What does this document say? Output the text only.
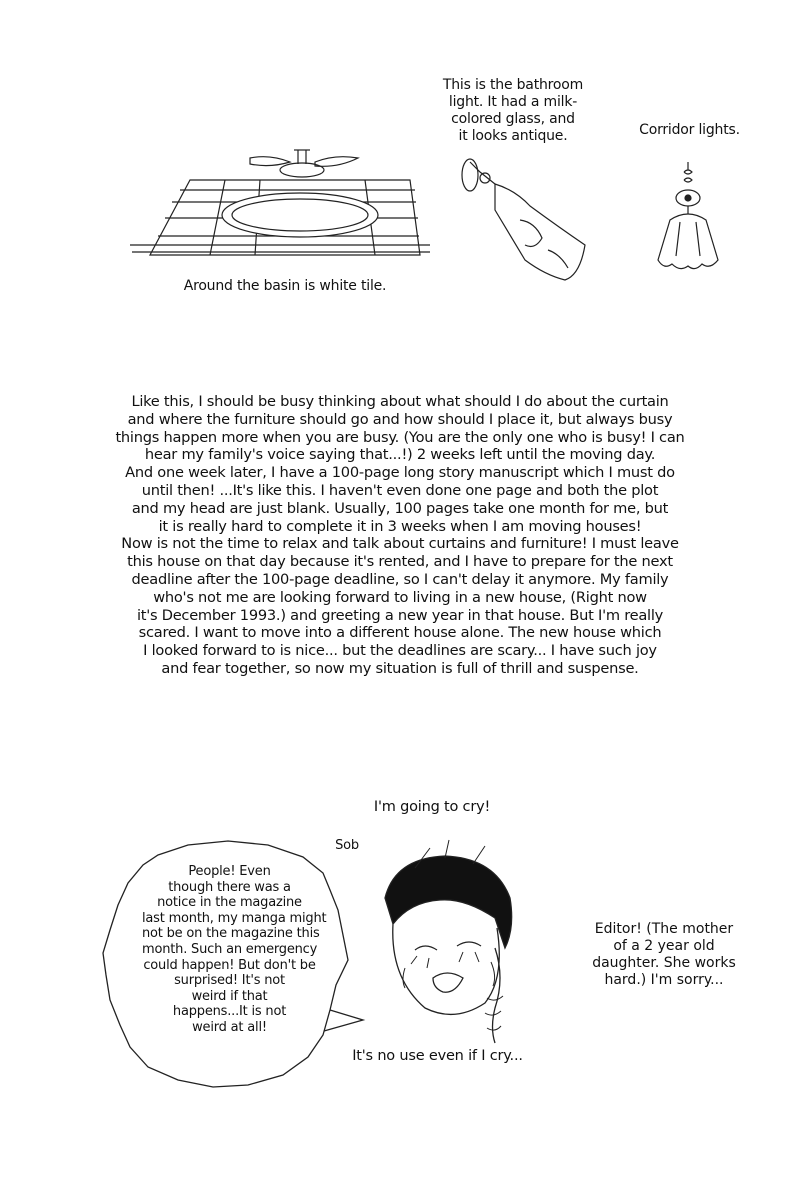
This is the bathroom
light. It had a milk-
colored glass, and
it looks antique.	Corridor lights.
Around the basin is white tile.
Like this, I should be busy thinking about what should I do about the curtain
and where the furniture should go and how should I place it, but always busy
things happen more when you are busy. (You are the only one who is busy! I can
hear my family's voice saying that...!) 2 weeks left until the moving day.
And one week later, I have a 100-page long story manuscript which I must do
until then! ...It's like this. I haven't even done one page and both the plot
and my head are just blank. Usually, 100 pages take one month for me, but
it is really hard to complete it in 3 weeks when I am moving houses!
Now is not the time to relax and talk about curtains and furniture! I must leave
this house on that day because it's rented, and I have to prepare for the next
deadline after the 100-page deadline, so I can't delay it anymore. My family
who's not me are looking forward to living in a new house, (Right now
it's December 1993.) and greeting a new year in that house. But I'm really
scared. I want to move into a different house alone. The new house which
I looked forward to is nice... but the deadlines are scary... I have such joy
and fear together, so now my situation is full of thrill and suspense.
I'm going to cry!
Sob
People! Even
though there was a
notice in the magazine
last month, my manga might
not be on the magazine this
month. Such an emergency
could happen! But don't be
surprised! It's not
weird if that
happens...It is not
weird at all!
Editor! (The mother
of a 2 year old
daughter. She works
hard.) I'm sorry...
It's no use even if I cry...
